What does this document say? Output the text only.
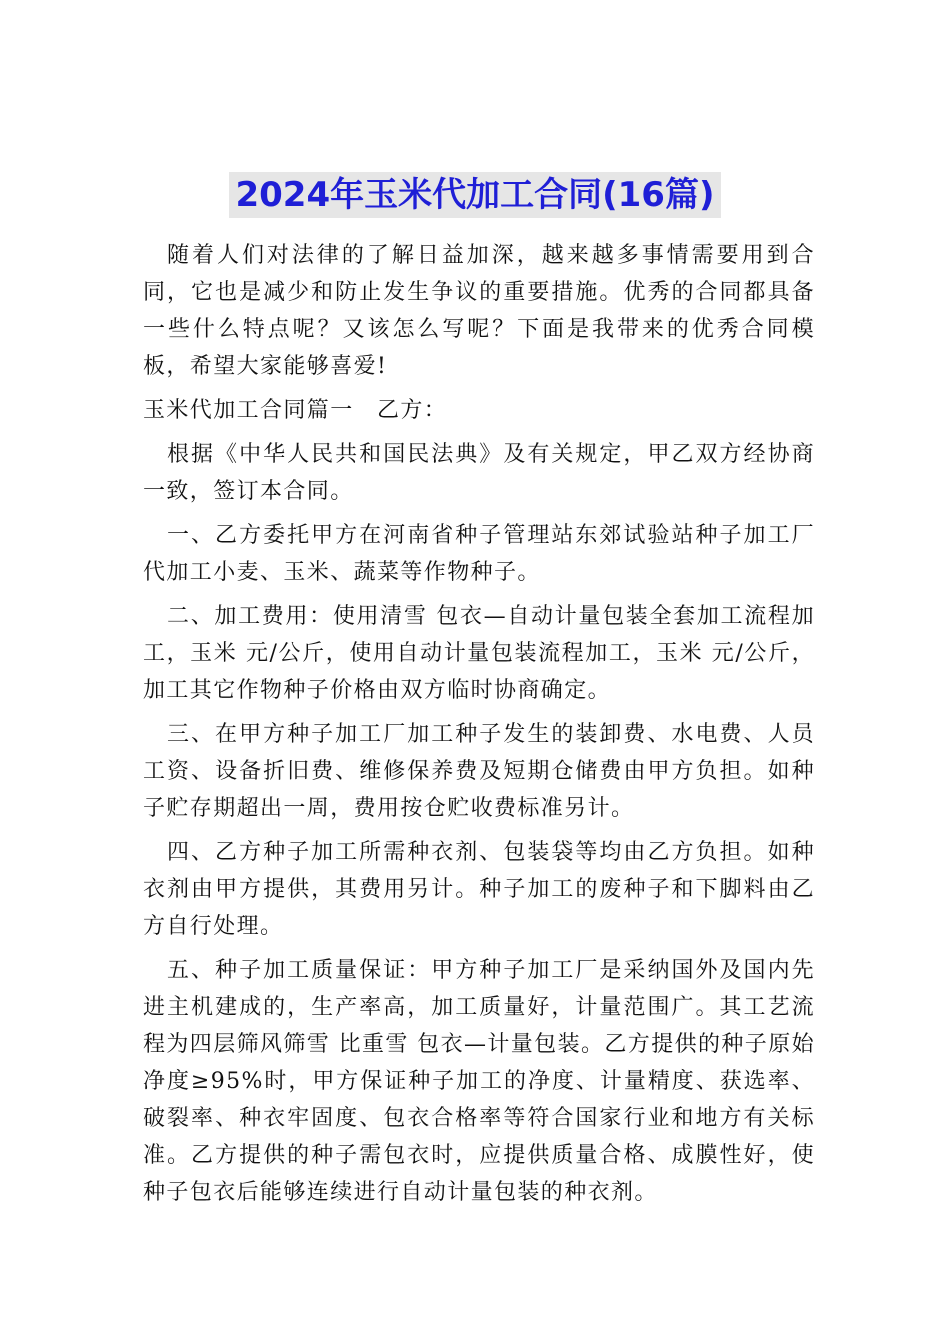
2024年玉米代加工合同(16篇)

随着人们对法律的了解日益加深，越来越多事情需要用到合同，它也是减少和防止发生争议的重要措施。优秀的合同都具备一些什么特点呢？又该怎么写呢？下面是我带来的优秀合同模板，希望大家能够喜爱!

玉米代加工合同篇一　乙方：

根据《中华人民共和国民法典》及有关规定，甲乙双方经协商一致，签订本合同。

一、乙方委托甲方在河南省种子管理站东郊试验站种子加工厂代加工小麦、玉米、蔬菜等作物种子。

二、加工费用：使用清雪 包衣—自动计量包装全套加工流程加工，玉米 元/公斤，使用自动计量包装流程加工，玉米 元/公斤，加工其它作物种子价格由双方临时协商确定。

三、在甲方种子加工厂加工种子发生的装卸费、水电费、人员工资、设备折旧费、维修保养费及短期仓储费由甲方负担。如种子贮存期超出一周，费用按仓贮收费标准另计。

四、乙方种子加工所需种衣剂、包装袋等均由乙方负担。如种衣剂由甲方提供，其费用另计。种子加工的废种子和下脚料由乙方自行处理。

五、种子加工质量保证：甲方种子加工厂是采纳国外及国内先进主机建成的，生产率高，加工质量好，计量范围广。其工艺流程为四层筛风筛雪 比重雪 包衣—计量包装。乙方提供的种子原始净度≥95%时，甲方保证种子加工的净度、计量精度、获选率、破裂率、种衣牢固度、包衣合格率等符合国家行业和地方有关标准。乙方提供的种子需包衣时，应提供质量合格、成膜性好，使种子包衣后能够连续进行自动计量包装的种衣剂。
